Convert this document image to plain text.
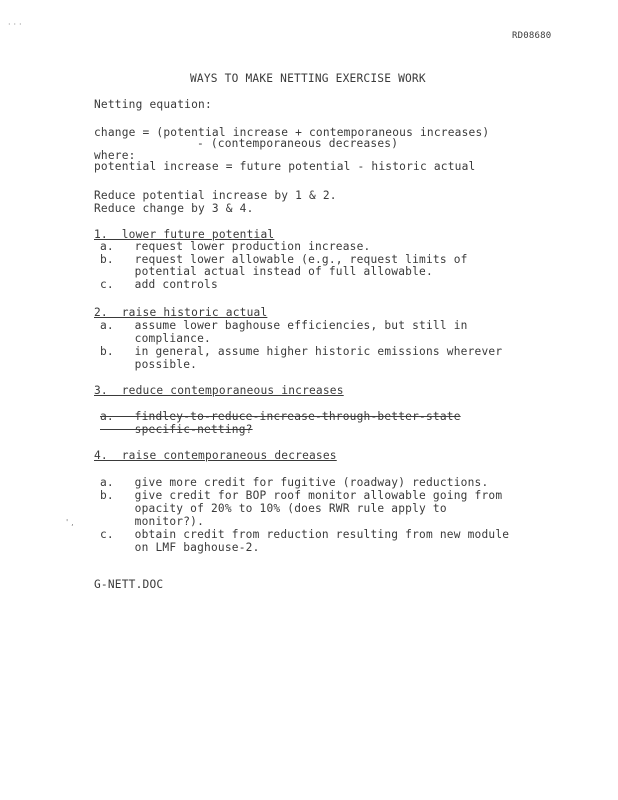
· · ·
' ,
RD08680
WAYS TO MAKE NETTING EXERCISE WORK
Netting equation:
change = (potential increase + contemporaneous increases)
- (contemporaneous decreases)
where:
potential increase = future potential - historic actual
Reduce potential increase by 1 & 2.
Reduce change by 3 & 4.
1.  lower future potential
a.   request lower production increase.
b.   request lower allowable (e.g., request limits of
potential actual instead of full allowable.
c.   add controls
2.  raise historic actual
a.   assume lower baghouse efficiencies, but still in
compliance.
b.   in general, assume higher historic emissions wherever
possible.
3.  reduce contemporaneous increases
a.   findley-to-reduce-increase-through-better-state
specific-netting?
4.  raise contemporaneous decreases
a.   give more credit for fugitive (roadway) reductions.
b.   give credit for BOP roof monitor allowable going from
opacity of 20% to 10% (does RWR rule apply to
monitor?).
c.   obtain credit from reduction resulting from new module
on LMF baghouse-2.
G-NETT.DOC
